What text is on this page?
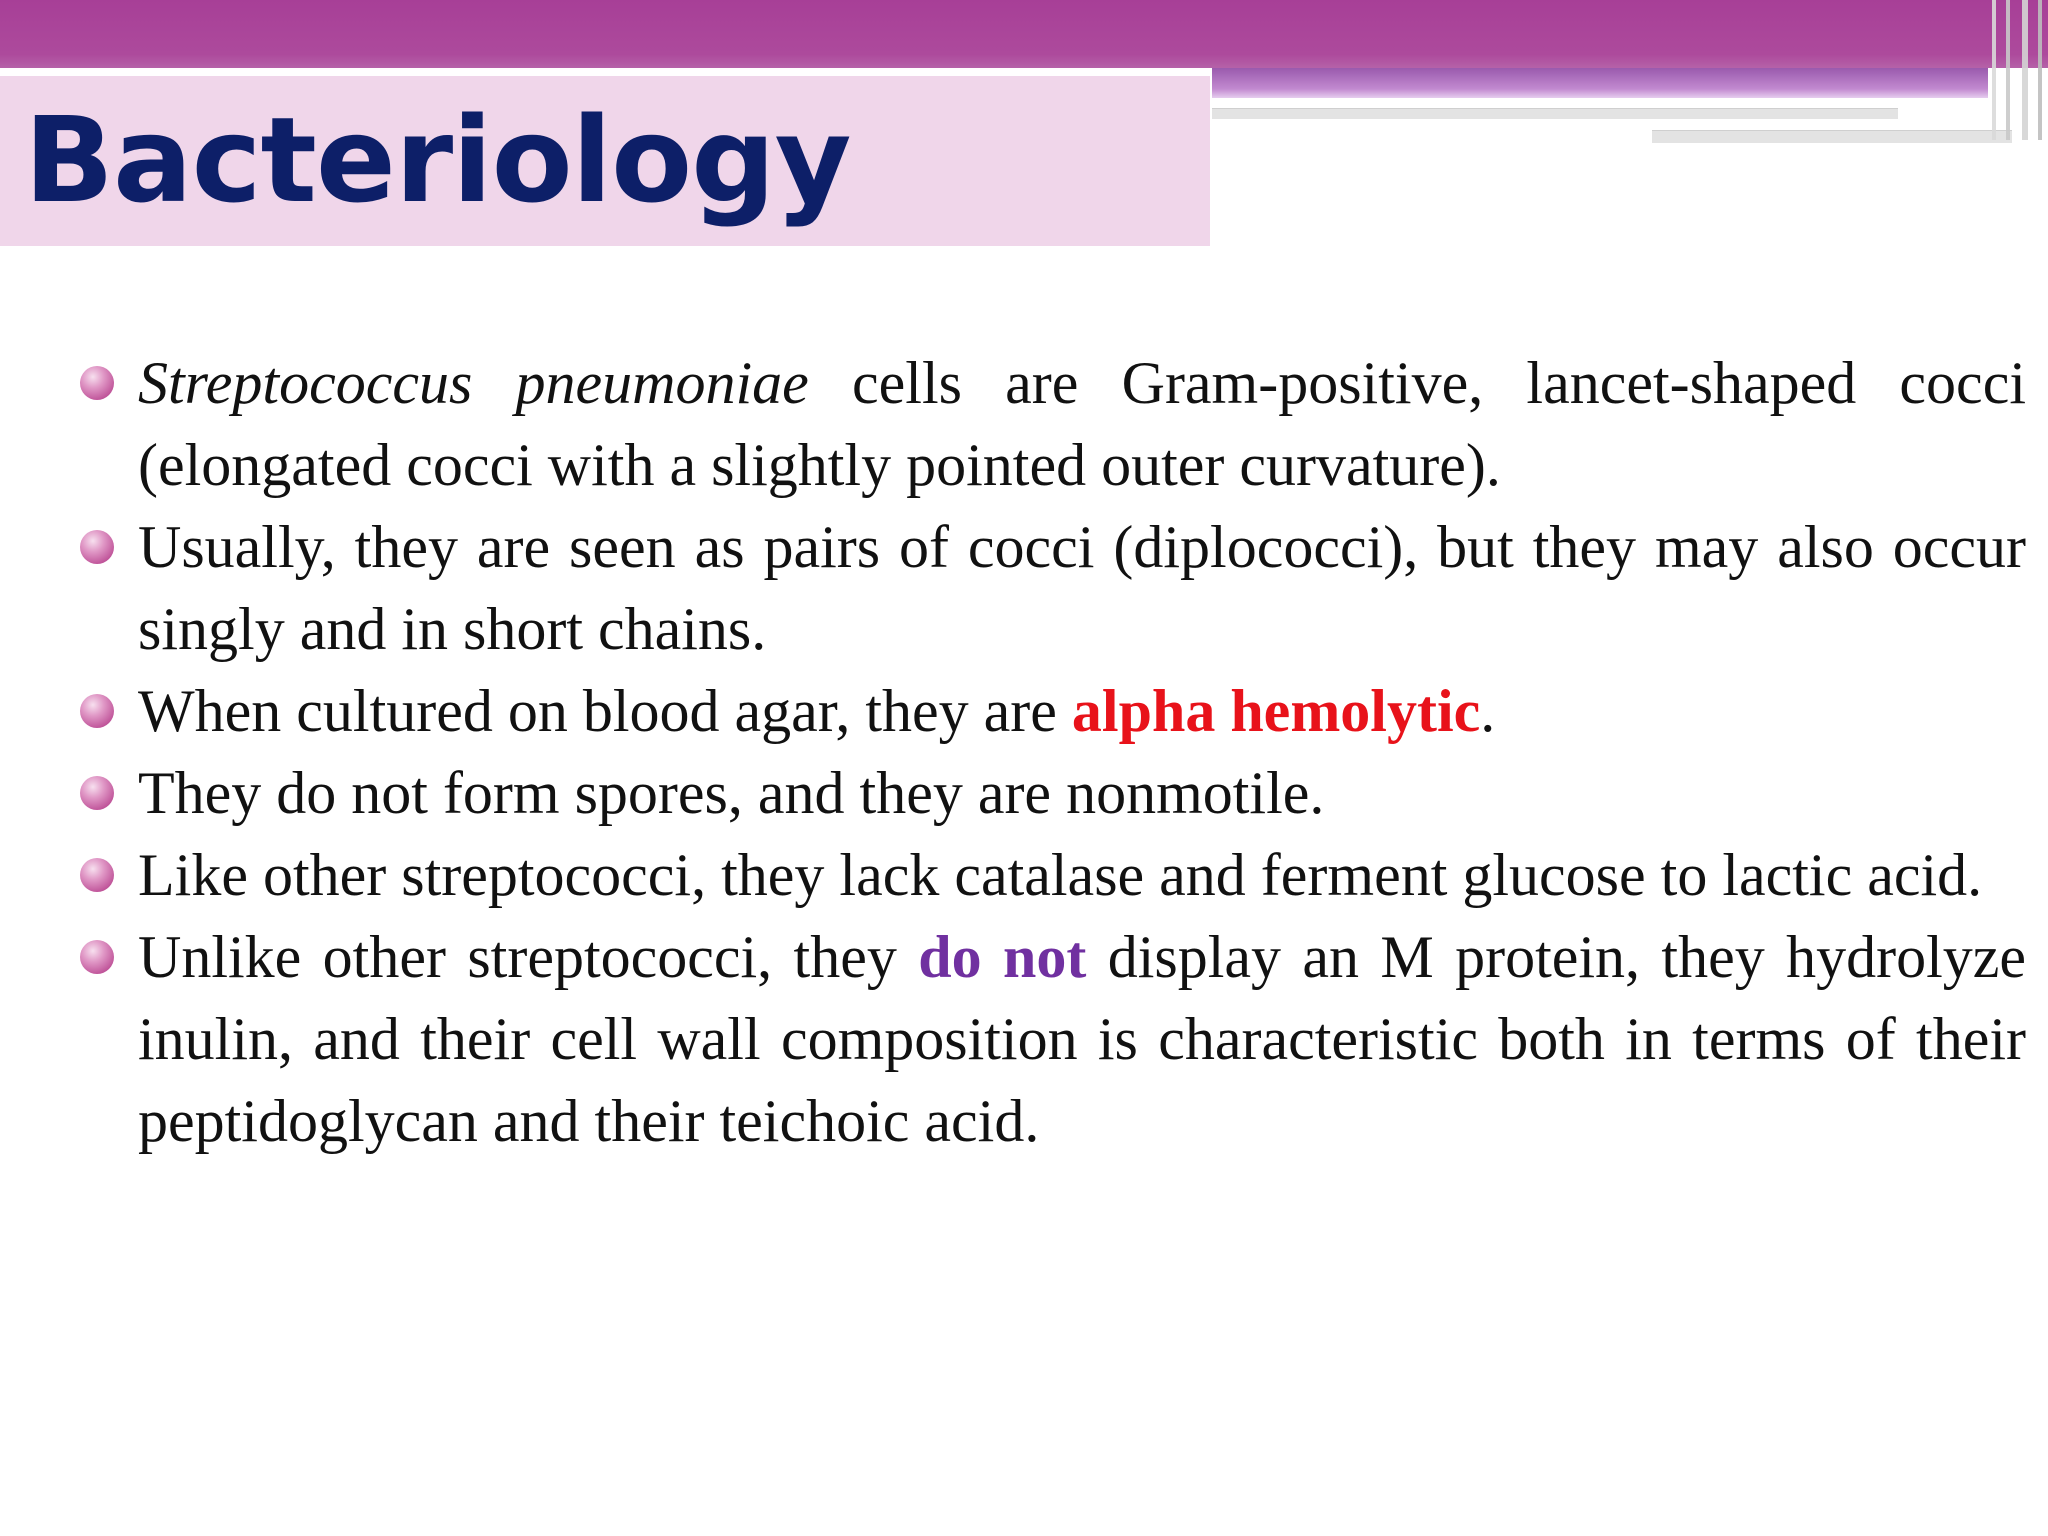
Bacteriology
Streptococcus pneumoniae cells are Gram-positive, lancet-shaped cocci (elongated cocci with a slightly pointed outer curvature).
Usually, they are seen as pairs of cocci (diplococci), but they may also occur singly and in short chains.
When cultured on blood agar, they are alpha hemolytic.
They do not form spores, and they are nonmotile.
Like other streptococci, they lack catalase and ferment glucose to lactic acid.
Unlike other streptococci, they do not display an M protein, they hydrolyze inulin, and their cell wall composition is characteristic both in terms of their peptidoglycan and their teichoic acid.
